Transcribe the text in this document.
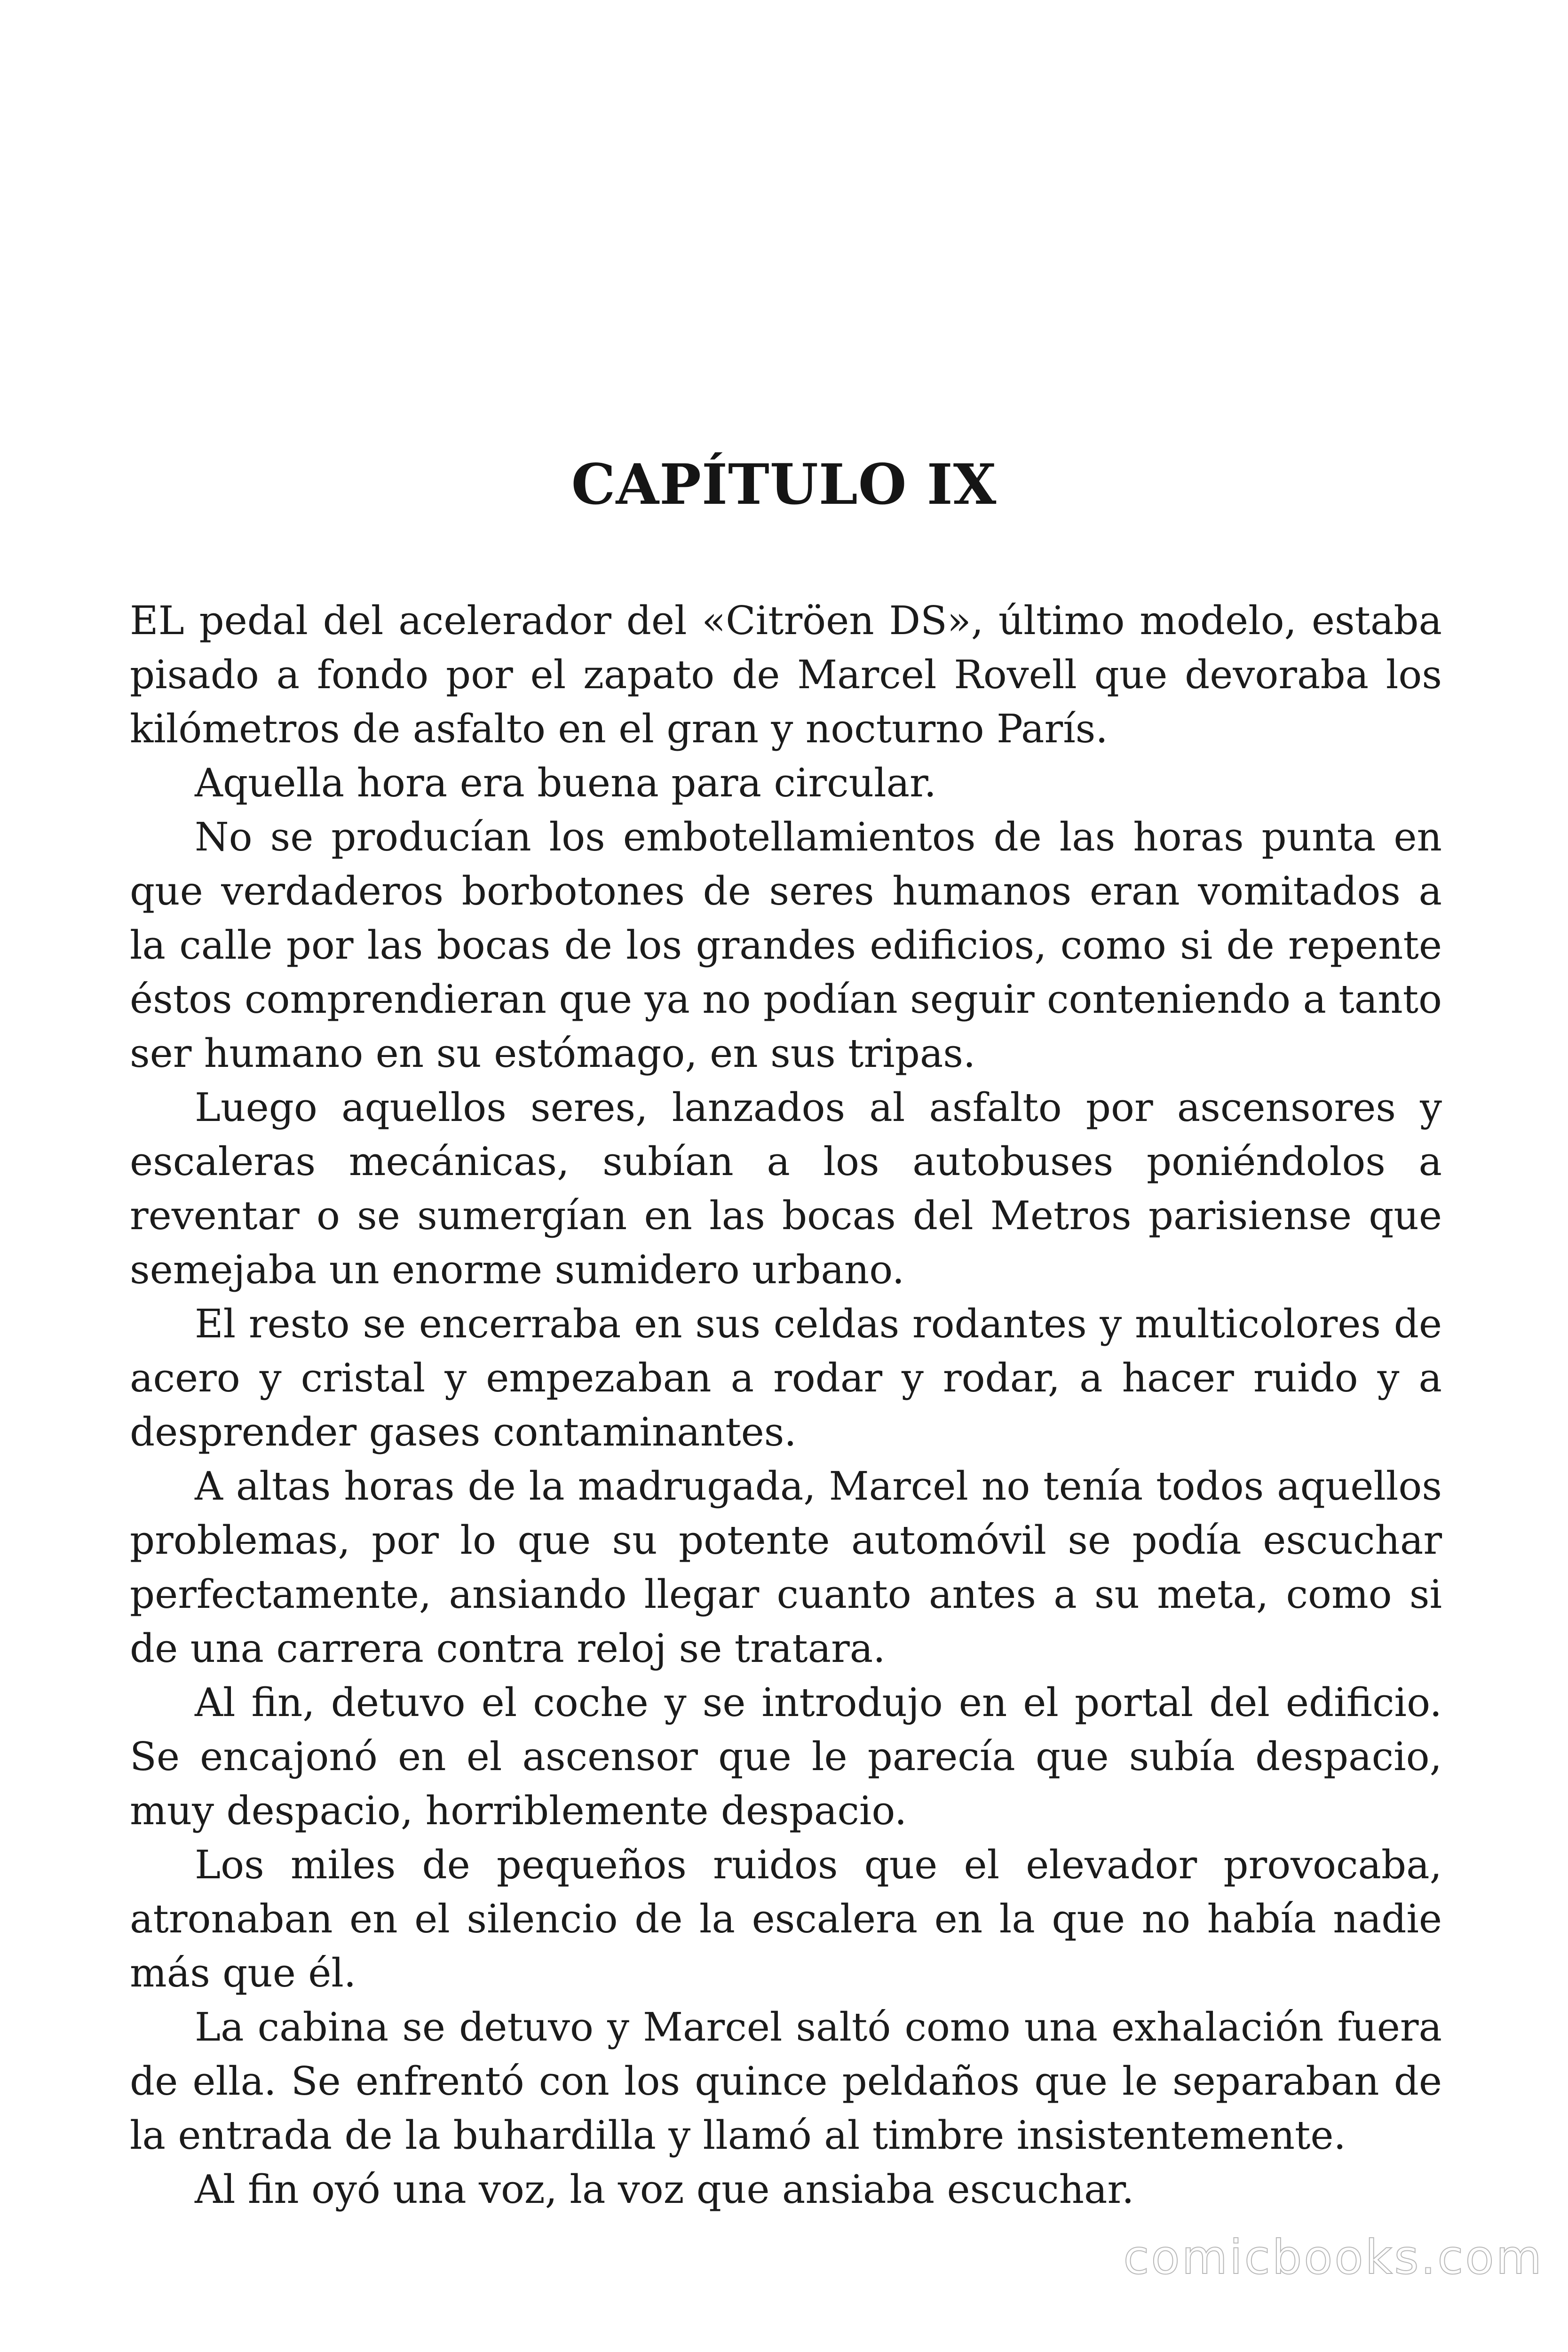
CAPÍTULO IX

EL pedal del acelerador del «Citröen DS», último modelo, estaba pisado a fondo por el zapato de Marcel Rovell que devoraba los kilómetros de asfalto en el gran y nocturno París.

Aquella hora era buena para circular.

No se producían los embotellamientos de las horas punta en que verdaderos borbotones de seres humanos eran vomitados a la calle por las bocas de los grandes edificios, como si de repente éstos comprendieran que ya no podían seguir conteniendo a tanto ser humano en su estómago, en sus tripas.

Luego aquellos seres, lanzados al asfalto por ascensores y escaleras mecánicas, subían a los autobuses poniéndolos a reventar o se sumergían en las bocas del Metros parisiense que semejaba un enorme sumidero urbano.

El resto se encerraba en sus celdas rodantes y multicolores de acero y cristal y empezaban a rodar y rodar, a hacer ruido y a desprender gases contaminantes.

A altas horas de la madrugada, Marcel no tenía todos aquellos problemas, por lo que su potente automóvil se podía escuchar perfectamente, ansiando llegar cuanto antes a su meta, como si de una carrera contra reloj se tratara.

Al fin, detuvo el coche y se introdujo en el portal del edificio. Se encajonó en el ascensor que le parecía que subía despacio, muy despacio, horriblemente despacio.

Los miles de pequeños ruidos que el elevador provocaba, atronaban en el silencio de la escalera en la que no había nadie más que él.

La cabina se detuvo y Marcel saltó como una exhalación fuera de ella. Se enfrentó con los quince peldaños que le separaban de la entrada de la buhardilla y llamó al timbre insistentemente.

Al fin oyó una voz, la voz que ansiaba escuchar.

comicbooks.com
